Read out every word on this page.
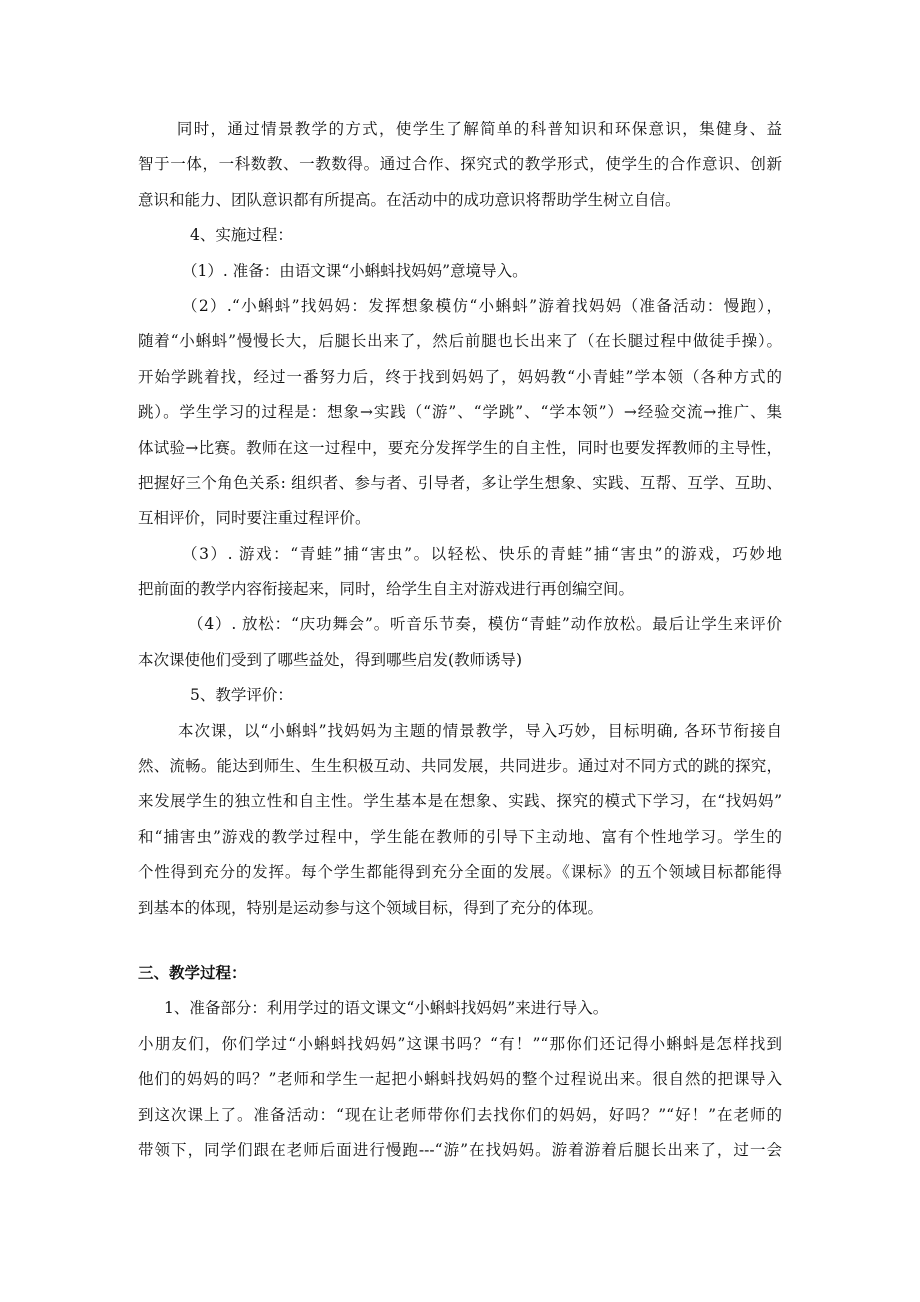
　同时，通过情景教学的方式，使学生了解简单的科普知识和环保意识，集健身、益
智于一体，一科数教、一教数得。通过合作、探究式的教学形式，使学生的合作意识、创新
意识和能力、团队意识都有所提高。在活动中的成功意识将帮助学生树立自信。
4、实施过程：
（1）. 准备：由语文课“小蝌蚪找妈妈”意境导入。
（2）.“小蝌蚪”找妈妈：发挥想象模仿“小蝌蚪”游着找妈妈（准备活动：慢跑），
随着“小蝌蚪”慢慢长大，后腿长出来了，然后前腿也长出来了（在长腿过程中做徒手操）。
开始学跳着找，经过一番努力后，终于找到妈妈了，妈妈教“小青蛙”学本领（各种方式的
跳）。学生学习的过程是：想象→实践（“游”、“学跳”、“学本领”）→经验交流→推广、集
体试验→比赛。教师在这一过程中，要充分发挥学生的自主性，同时也要发挥教师的主导性，
把握好三个角色关系: 组织者、参与者、引导者，多让学生想象、实践、互帮、互学、互助、
互相评价，同时要注重过程评价。
（3）. 游戏：“青蛙”捕“害虫”。以轻松、快乐的青蛙”捕“害虫”的游戏，巧妙地
把前面的教学内容衔接起来，同时，给学生自主对游戏进行再创编空间。
（4）. 放松：“庆功舞会”。听音乐节奏，模仿“青蛙”动作放松。最后让学生来评价
本次课使他们受到了哪些益处，得到哪些启发(教师诱导)
5、教学评价：
本次课，以“小蝌蚪”找妈妈为主题的情景教学，导入巧妙，目标明确, 各环节衔接自
然、流畅。能达到师生、生生积极互动、共同发展，共同进步。通过对不同方式的跳的探究，
来发展学生的独立性和自主性。学生基本是在想象、实践、探究的模式下学习，在“找妈妈”
和“捕害虫”游戏的教学过程中，学生能在教师的引导下主动地、富有个性地学习。学生的
个性得到充分的发挥。每个学生都能得到充分全面的发展。《课标》的五个领域目标都能得
到基本的体现，特别是运动参与这个领域目标，得到了充分的体现。
三、教学过程：
1、准备部分：利用学过的语文课文“小蝌蚪找妈妈”来进行导入。
小朋友们，你们学过“小蝌蚪找妈妈”这课书吗？“有！”“那你们还记得小蝌蚪是怎样找到
他们的妈妈的吗？”老师和学生一起把小蝌蚪找妈妈的整个过程说出来。很自然的把课导入
到这次课上了。准备活动：“现在让老师带你们去找你们的妈妈，好吗？”“好！”在老师的
带领下，同学们跟在老师后面进行慢跑---“游”在找妈妈。游着游着后腿长出来了，过一会
